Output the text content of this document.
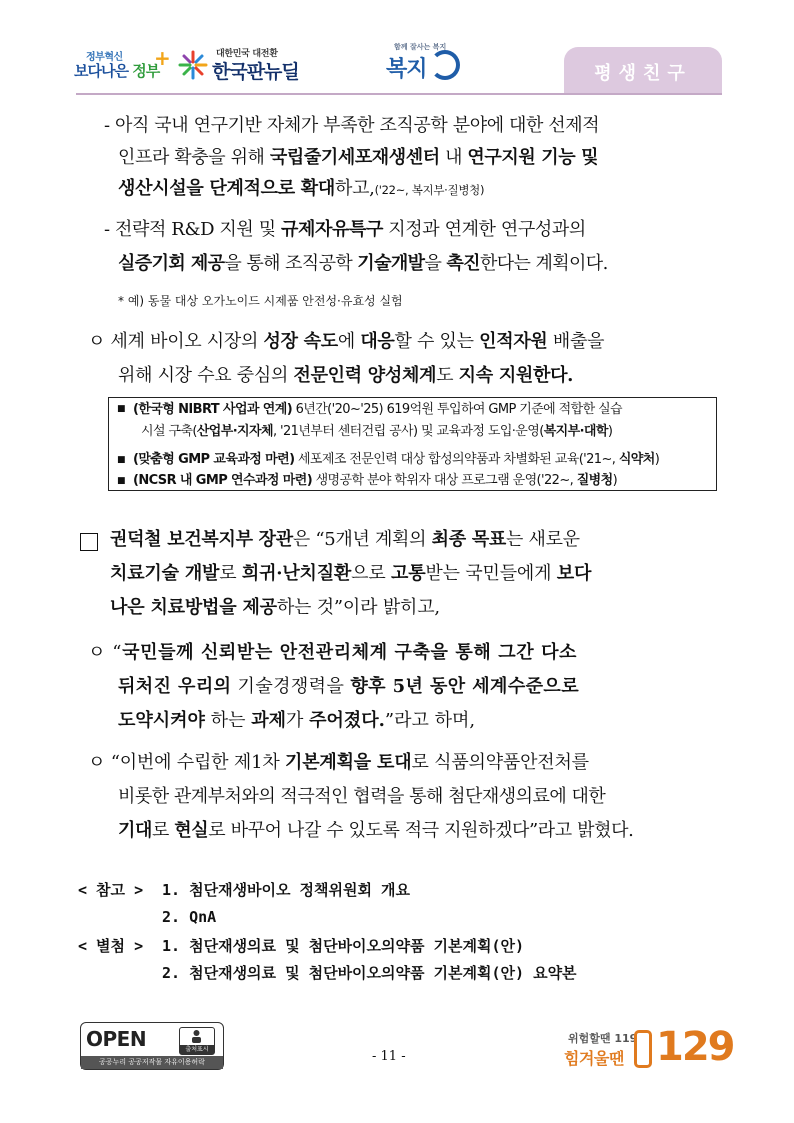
정부혁신
보다나은 정부
+	대한민국 대전환
한국판뉴딜
함께 잘사는 복지
복지	평생친구
- 아직 국내 연구기반 자체가 부족한 조직공학 분야에 대한 선제적
인프라 확충을 위해 국립줄기세포재생센터 내 연구지원 기능 및
생산시설을 단계적으로 확대하고,('22~, 복지부·질병청)
- 전략적 R&D 지원 및 규제자유특구 지정과 연계한 연구성과의
실증기회 제공을 통해 조직공학 기술개발을 촉진한다는 계획이다.
* 예) 동물 대상 오가노이드 시제품 안전성·유효성 실험
ㅇ 세계 바이오 시장의 성장 속도에 대응할 수 있는 인적자원 배출을
위해 시장 수요 중심의 전문인력 양성체계도 지속 지원한다.
■ (한국형 NIBRT 사업과 연계) 6년간('20~'25) 619억원 투입하여 GMP 기준에 적합한 실습
시설 구축(산업부·지자체, '21년부터 센터건립 공사) 및 교육과정 도입·운영(복지부·대학)
■ (맞춤형 GMP 교육과정 마련) 세포제조 전문인력 대상 합성의약품과 차별화된 교육('21~, 식약처)
■ (NCSR 내 GMP 연수과정 마련) 생명공학 분야 학위자 대상 프로그램 운영('22~, 질병청)
권덕철 보건복지부 장관은 “5개년 계획의 최종 목표는 새로운
치료기술 개발로 희귀·난치질환으로 고통받는 국민들에게 보다
나은 치료방법을 제공하는 것”이라 밝히고,
ㅇ “국민들께 신뢰받는 안전관리체계 구축을 통해 그간 다소
뒤처진 우리의 기술경쟁력을 향후 5년 동안 세계수준으로
도약시켜야 하는 과제가 주어졌다.”라고 하며,
ㅇ “이번에 수립한 제1차 기본계획을 토대로 식품의약품안전처를
비롯한 관계부처와의 적극적인 협력을 통해 첨단재생의료에 대한
기대로 현실로 바꾸어 나갈 수 있도록 적극 지원하겠다”라고 밝혔다.
< 참고 > 1. 첨단재생바이오 정책위원회 개요
2. QnA
< 별첨 > 1. 첨단재생의료 및 첨단바이오의약품 기본계획(안)
2. 첨단재생의료 및 첨단바이오의약품 기본계획(안) 요약본
OPEN	출처표시
공공누리 공공저작물 자유이용허락	- 11 -
위험할땐 119
힘겨울땐 129
